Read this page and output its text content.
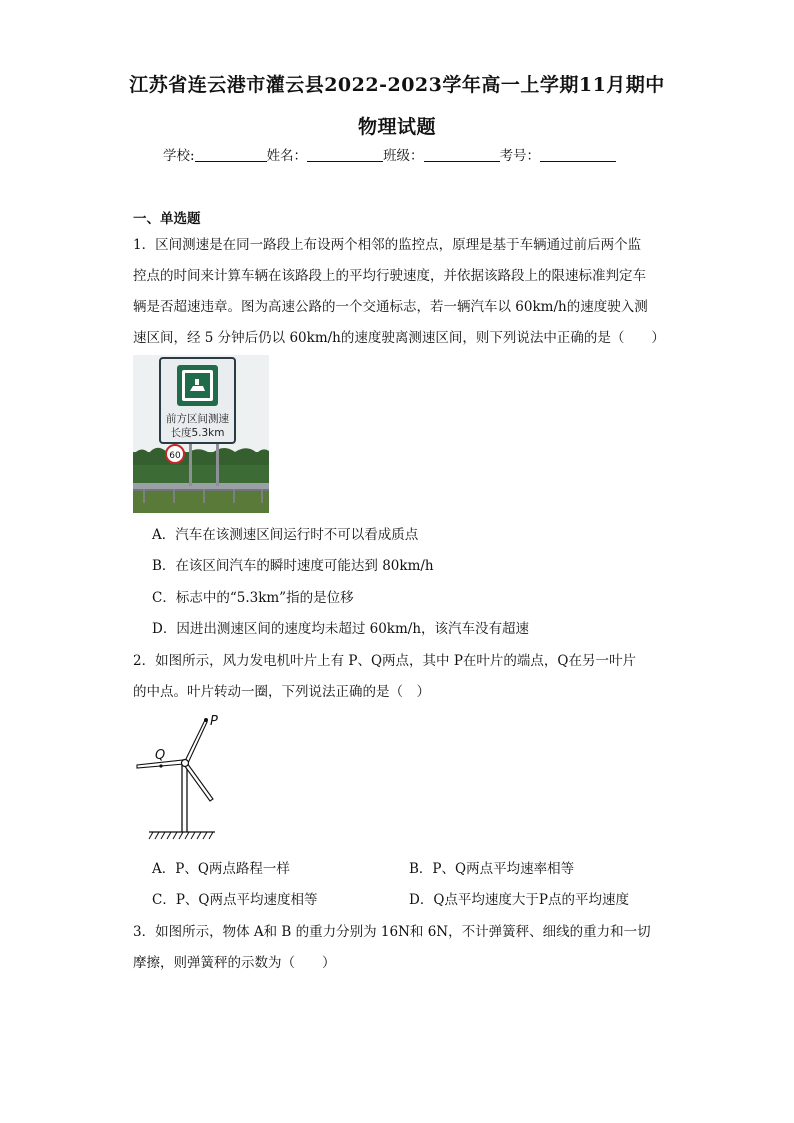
江苏省连云港市灌云县2022-2023学年高一上学期11月期中
物理试题
学校:	姓名：	班级：	考号：
一、单选题
1．区间测速是在同一路段上布设两个相邻的监控点，原理是基于车辆通过前后两个监
控点的时间来计算车辆在该路段上的平均行驶速度，并依据该路段上的限速标准判定车
辆是否超速违章。图为高速公路的一个交通标志，若一辆汽车以 60km/h的速度驶入测
速区间，经 5 分钟后仍以 60km/h的速度驶离测速区间，则下列说法中正确的是（　　）
前方区间测速
长度5.3km
60
A．汽车在该测速区间运行时不可以看成质点
B．在该区间汽车的瞬时速度可能达到 80km/h
C．标志中的“5.3km”指的是位移
D．因进出测速区间的速度均未超过 60km/h，该汽车没有超速
2．如图所示，风力发电机叶片上有 P、Q两点，其中 P在叶片的端点，Q在另一叶片
的中点。叶片转动一圈，下列说法正确的是（　）
P
Q
A．P、Q两点路程一样	B．P、Q两点平均速率相等
C．P、Q两点平均速度相等	D．Q点平均速度大于P点的平均速度
3．如图所示，物体 A和 B 的重力分别为 16N和 6N，不计弹簧秤、细线的重力和一切
摩擦，则弹簧秤的示数为（　　）
